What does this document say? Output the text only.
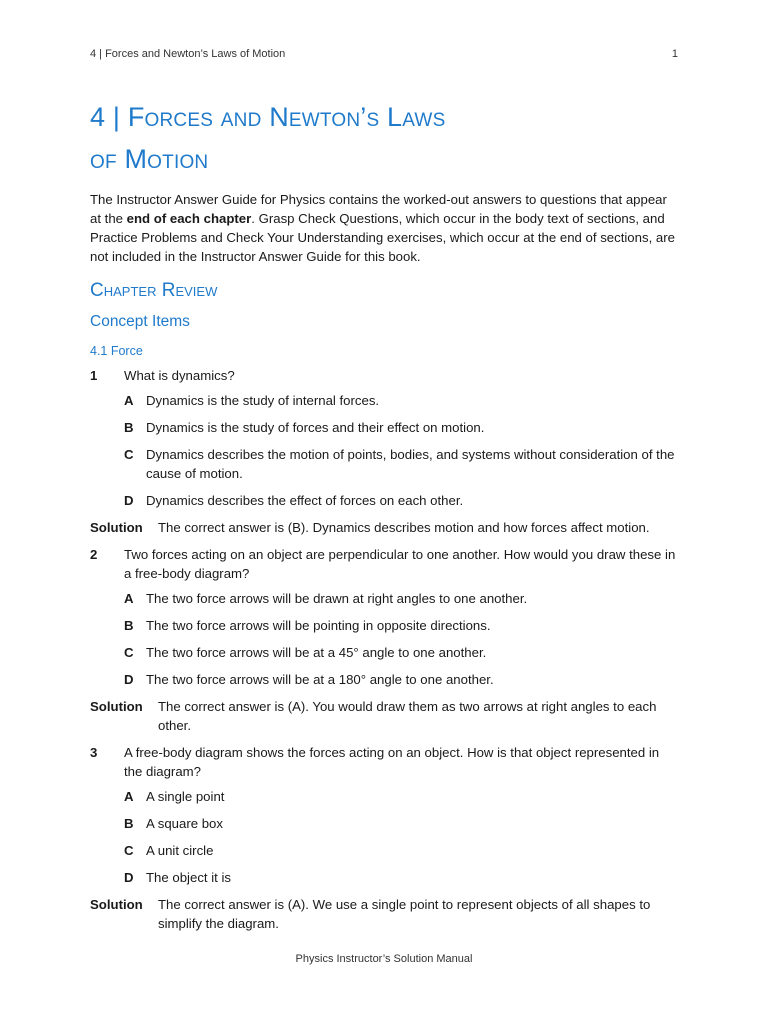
4 | Forces and Newton’s Laws of Motion	1
4 | Forces and Newton’s Laws
of Motion

The Instructor Answer Guide for Physics contains the worked-out answers to questions that appear at the end of each chapter. Grasp Check Questions, which occur in the body text of sections, and Practice Problems and Check Your Understanding exercises, which occur at the end of sections, are not included in the Instructor Answer Guide for this book.

Chapter Review
Concept Items
4.1 Force
1	What is dynamics?
A Dynamics is the study of internal forces.
B Dynamics is the study of forces and their effect on motion.
C Dynamics describes the motion of points, bodies, and systems without consideration of the cause of motion.
D Dynamics describes the effect of forces on each other.
Solution	The correct answer is (B). Dynamics describes motion and how forces affect motion.
2	Two forces acting on an object are perpendicular to one another. How would you draw these in a free-body diagram?
A The two force arrows will be drawn at right angles to one another.
B The two force arrows will be pointing in opposite directions.
C The two force arrows will be at a 45° angle to one another.
D The two force arrows will be at a 180° angle to one another.
Solution	The correct answer is (A). You would draw them as two arrows at right angles to each other.
3	A free-body diagram shows the forces acting on an object. How is that object represented in the diagram?
A A single point
B A square box
C A unit circle
D The object it is
Solution	The correct answer is (A). We use a single point to represent objects of all shapes to simplify the diagram.
Physics Instructor’s Solution Manual
